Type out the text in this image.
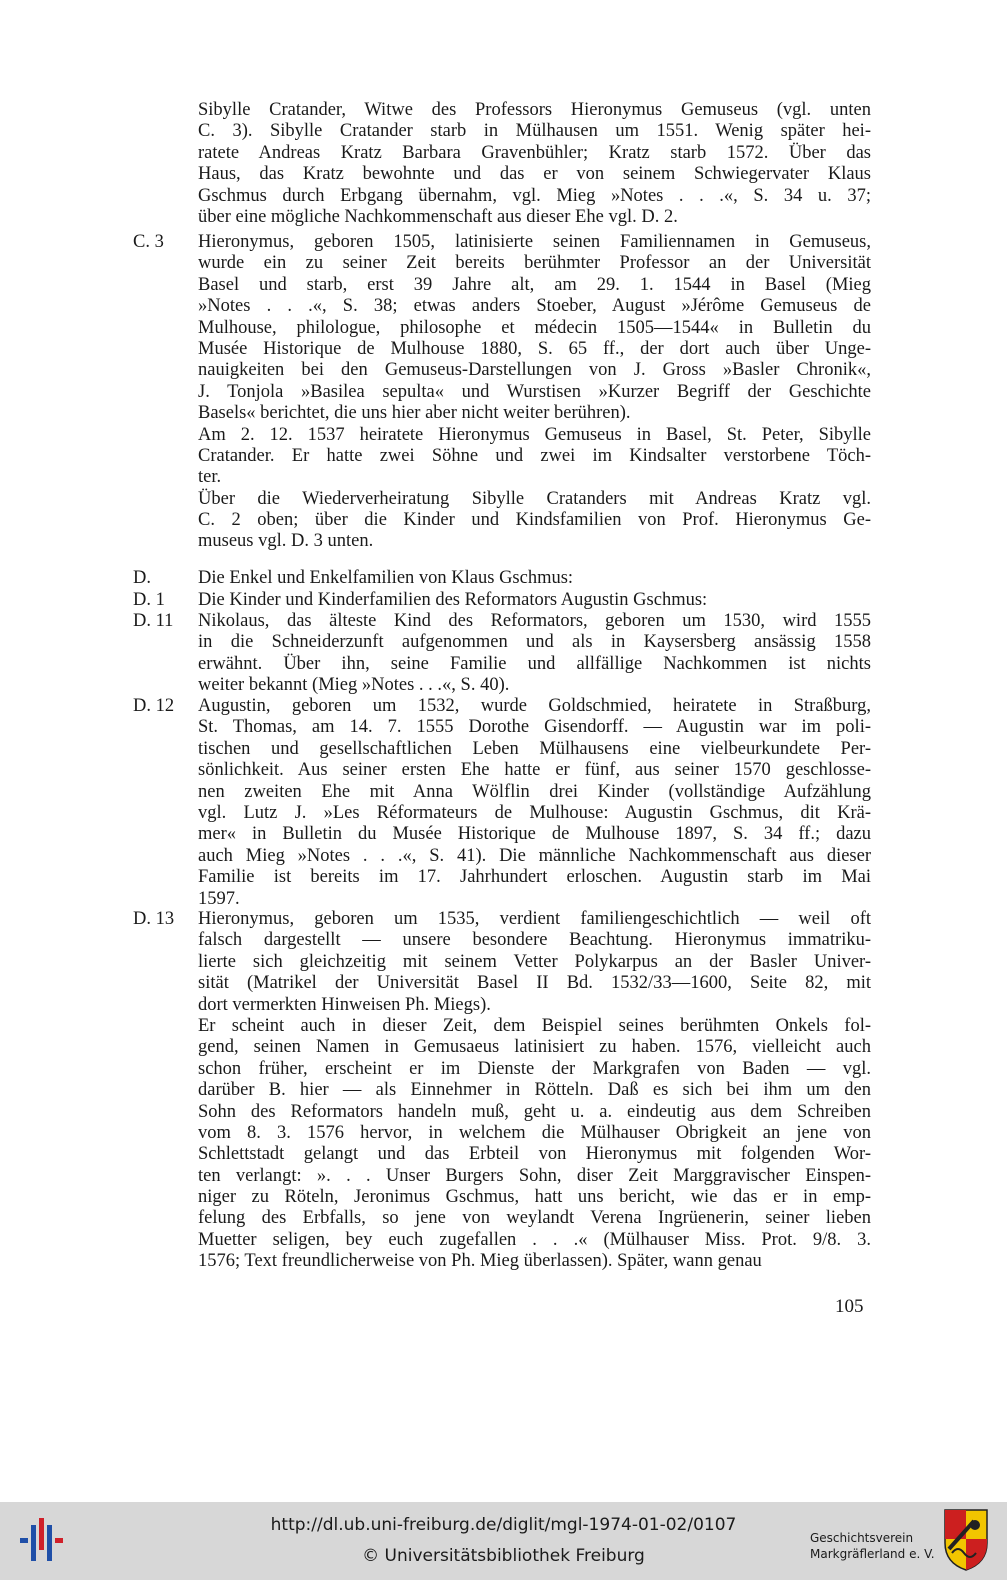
Sibylle Cratander, Witwe des Professors Hieronymus Gemuseus (vgl. unten
C. 3). Sibylle Cratander starb in Mülhausen um 1551. Wenig später hei-
ratete Andreas Kratz Barbara Gravenbühler; Kratz starb 1572. Über das
Haus, das Kratz bewohnte und das er von seinem Schwiegervater Klaus
Gschmus durch Erbgang übernahm, vgl. Mieg »Notes . . .«, S. 34 u. 37;
über eine mögliche Nachkommenschaft aus dieser Ehe vgl. D. 2.
C. 3	Hieronymus, geboren 1505, latinisierte seinen Familiennamen in Gemuseus,
wurde ein zu seiner Zeit bereits berühmter Professor an der Universität
Basel und starb, erst 39 Jahre alt, am 29. 1. 1544 in Basel (Mieg
»Notes . . .«, S. 38; etwas anders Stoeber, August »Jérôme Gemuseus de
Mulhouse, philologue, philosophe et médecin 1505—1544« in Bulletin du
Musée Historique de Mulhouse 1880, S. 65 ff., der dort auch über Unge-
nauigkeiten bei den Gemuseus-Darstellungen von J. Gross »Basler Chronik«,
J. Tonjola »Basilea sepulta« und Wurstisen »Kurzer Begriff der Geschichte
Basels« berichtet, die uns hier aber nicht weiter berühren).
Am 2. 12. 1537 heiratete Hieronymus Gemuseus in Basel, St. Peter, Sibylle
Cratander. Er hatte zwei Söhne und zwei im Kindsalter verstorbene Töch-
ter.
Über die Wiederverheiratung Sibylle Cratanders mit Andreas Kratz vgl.
C. 2 oben; über die Kinder und Kindsfamilien von Prof. Hieronymus Ge-
museus vgl. D. 3 unten.
D.	Die Enkel und Enkelfamilien von Klaus Gschmus:
D. 1	Die Kinder und Kinderfamilien des Reformators Augustin Gschmus:
D. 11	Nikolaus, das älteste Kind des Reformators, geboren um 1530, wird 1555
in die Schneiderzunft aufgenommen und als in Kaysersberg ansässig 1558
erwähnt. Über ihn, seine Familie und allfällige Nachkommen ist nichts
weiter bekannt (Mieg »Notes . . .«, S. 40).
D. 12	Augustin, geboren um 1532, wurde Goldschmied, heiratete in Straßburg,
St. Thomas, am 14. 7. 1555 Dorothe Gisendorff. — Augustin war im poli-
tischen und gesellschaftlichen Leben Mülhausens eine vielbeurkundete Per-
sönlichkeit. Aus seiner ersten Ehe hatte er fünf, aus seiner 1570 geschlosse-
nen zweiten Ehe mit Anna Wölflin drei Kinder (vollständige Aufzählung
vgl. Lutz J. »Les Réformateurs de Mulhouse: Augustin Gschmus, dit Krä-
mer« in Bulletin du Musée Historique de Mulhouse 1897, S. 34 ff.; dazu
auch Mieg »Notes . . .«, S. 41). Die männliche Nachkommenschaft aus dieser
Familie ist bereits im 17. Jahrhundert erloschen. Augustin starb im Mai
1597.
D. 13	Hieronymus, geboren um 1535, verdient familiengeschichtlich — weil oft
falsch dargestellt — unsere besondere Beachtung. Hieronymus immatriku-
lierte sich gleichzeitig mit seinem Vetter Polykarpus an der Basler Univer-
sität (Matrikel der Universität Basel II Bd. 1532/33—1600, Seite 82, mit
dort vermerkten Hinweisen Ph. Miegs).
Er scheint auch in dieser Zeit, dem Beispiel seines berühmten Onkels fol-
gend, seinen Namen in Gemusaeus latinisiert zu haben. 1576, vielleicht auch
schon früher, erscheint er im Dienste der Markgrafen von Baden — vgl.
darüber B. hier — als Einnehmer in Rötteln. Daß es sich bei ihm um den
Sohn des Reformators handeln muß, geht u. a. eindeutig aus dem Schreiben
vom 8. 3. 1576 hervor, in welchem die Mülhauser Obrigkeit an jene von
Schlettstadt gelangt und das Erbteil von Hieronymus mit folgenden Wor-
ten verlangt: ». . . Unser Burgers Sohn, diser Zeit Marggravischer Einspen-
niger zu Röteln, Jeronimus Gschmus, hatt uns bericht, wie das er in emp-
felung des Erbfalls, so jene von weylandt Verena Ingrüenerin, seiner lieben
Muetter seligen, bey euch zugefallen . . .« (Mülhauser Miss. Prot. 9/8. 3.
1576; Text freundlicherweise von Ph. Mieg überlassen). Später, wann genau
105
http://dl.ub.uni-freiburg.de/diglit/mgl-1974-01-02/0107
© Universitätsbibliothek Freiburg
Geschichtsverein
Markgräflerland e. V.
